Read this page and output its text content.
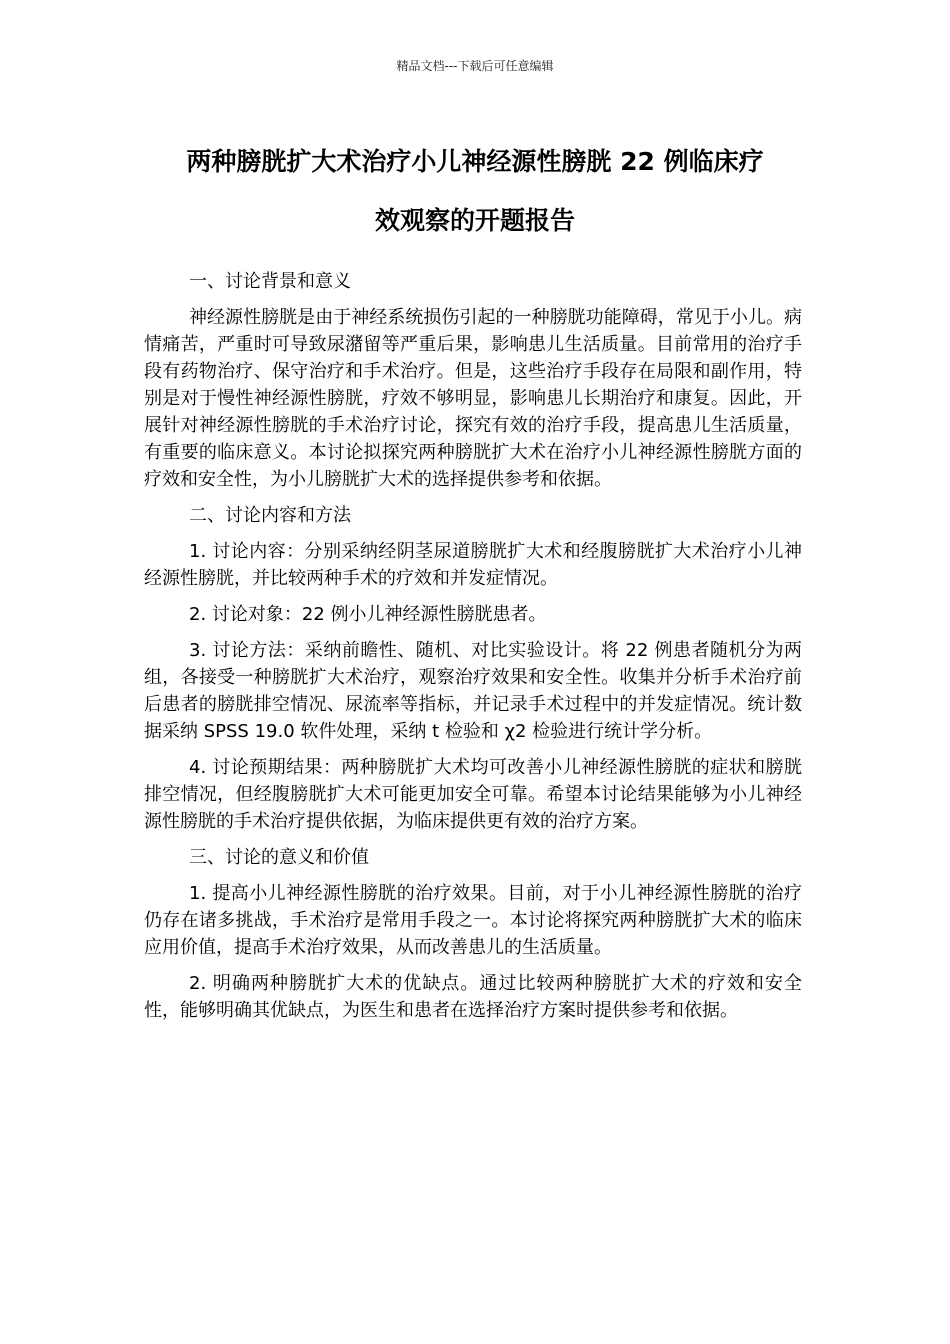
精品文档---下载后可任意编辑
两种膀胱扩大术治疗小儿神经源性膀胱 22 例临床疗
效观察的开题报告

一、讨论背景和意义

神经源性膀胱是由于神经系统损伤引起的一种膀胱功能障碍，常见于小儿。病情痛苦，严重时可导致尿潴留等严重后果，影响患儿生活质量。目前常用的治疗手段有药物治疗、保守治疗和手术治疗。但是，这些治疗手段存在局限和副作用，特别是对于慢性神经源性膀胱，疗效不够明显，影响患儿长期治疗和康复。因此，开展针对神经源性膀胱的手术治疗讨论，探究有效的治疗手段，提高患儿生活质量，有重要的临床意义。本讨论拟探究两种膀胱扩大术在治疗小儿神经源性膀胱方面的疗效和安全性，为小儿膀胱扩大术的选择提供参考和依据。

二、讨论内容和方法

1. 讨论内容：分别采纳经阴茎尿道膀胱扩大术和经腹膀胱扩大术治疗小儿神经源性膀胱，并比较两种手术的疗效和并发症情况。

2. 讨论对象：22 例小儿神经源性膀胱患者。

3. 讨论方法：采纳前瞻性、随机、对比实验设计。将 22 例患者随机分为两组，各接受一种膀胱扩大术治疗，观察治疗效果和安全性。收集并分析手术治疗前后患者的膀胱排空情况、尿流率等指标，并记录手术过程中的并发症情况。统计数据采纳 SPSS 19.0 软件处理，采纳 t 检验和 χ2 检验进行统计学分析。

4. 讨论预期结果：两种膀胱扩大术均可改善小儿神经源性膀胱的症状和膀胱排空情况，但经腹膀胱扩大术可能更加安全可靠。希望本讨论结果能够为小儿神经源性膀胱的手术治疗提供依据，为临床提供更有效的治疗方案。

三、讨论的意义和价值

1. 提高小儿神经源性膀胱的治疗效果。目前，对于小儿神经源性膀胱的治疗仍存在诸多挑战，手术治疗是常用手段之一。本讨论将探究两种膀胱扩大术的临床应用价值，提高手术治疗效果，从而改善患儿的生活质量。

2. 明确两种膀胱扩大术的优缺点。通过比较两种膀胱扩大术的疗效和安全性，能够明确其优缺点，为医生和患者在选择治疗方案时提供参考和依据。
